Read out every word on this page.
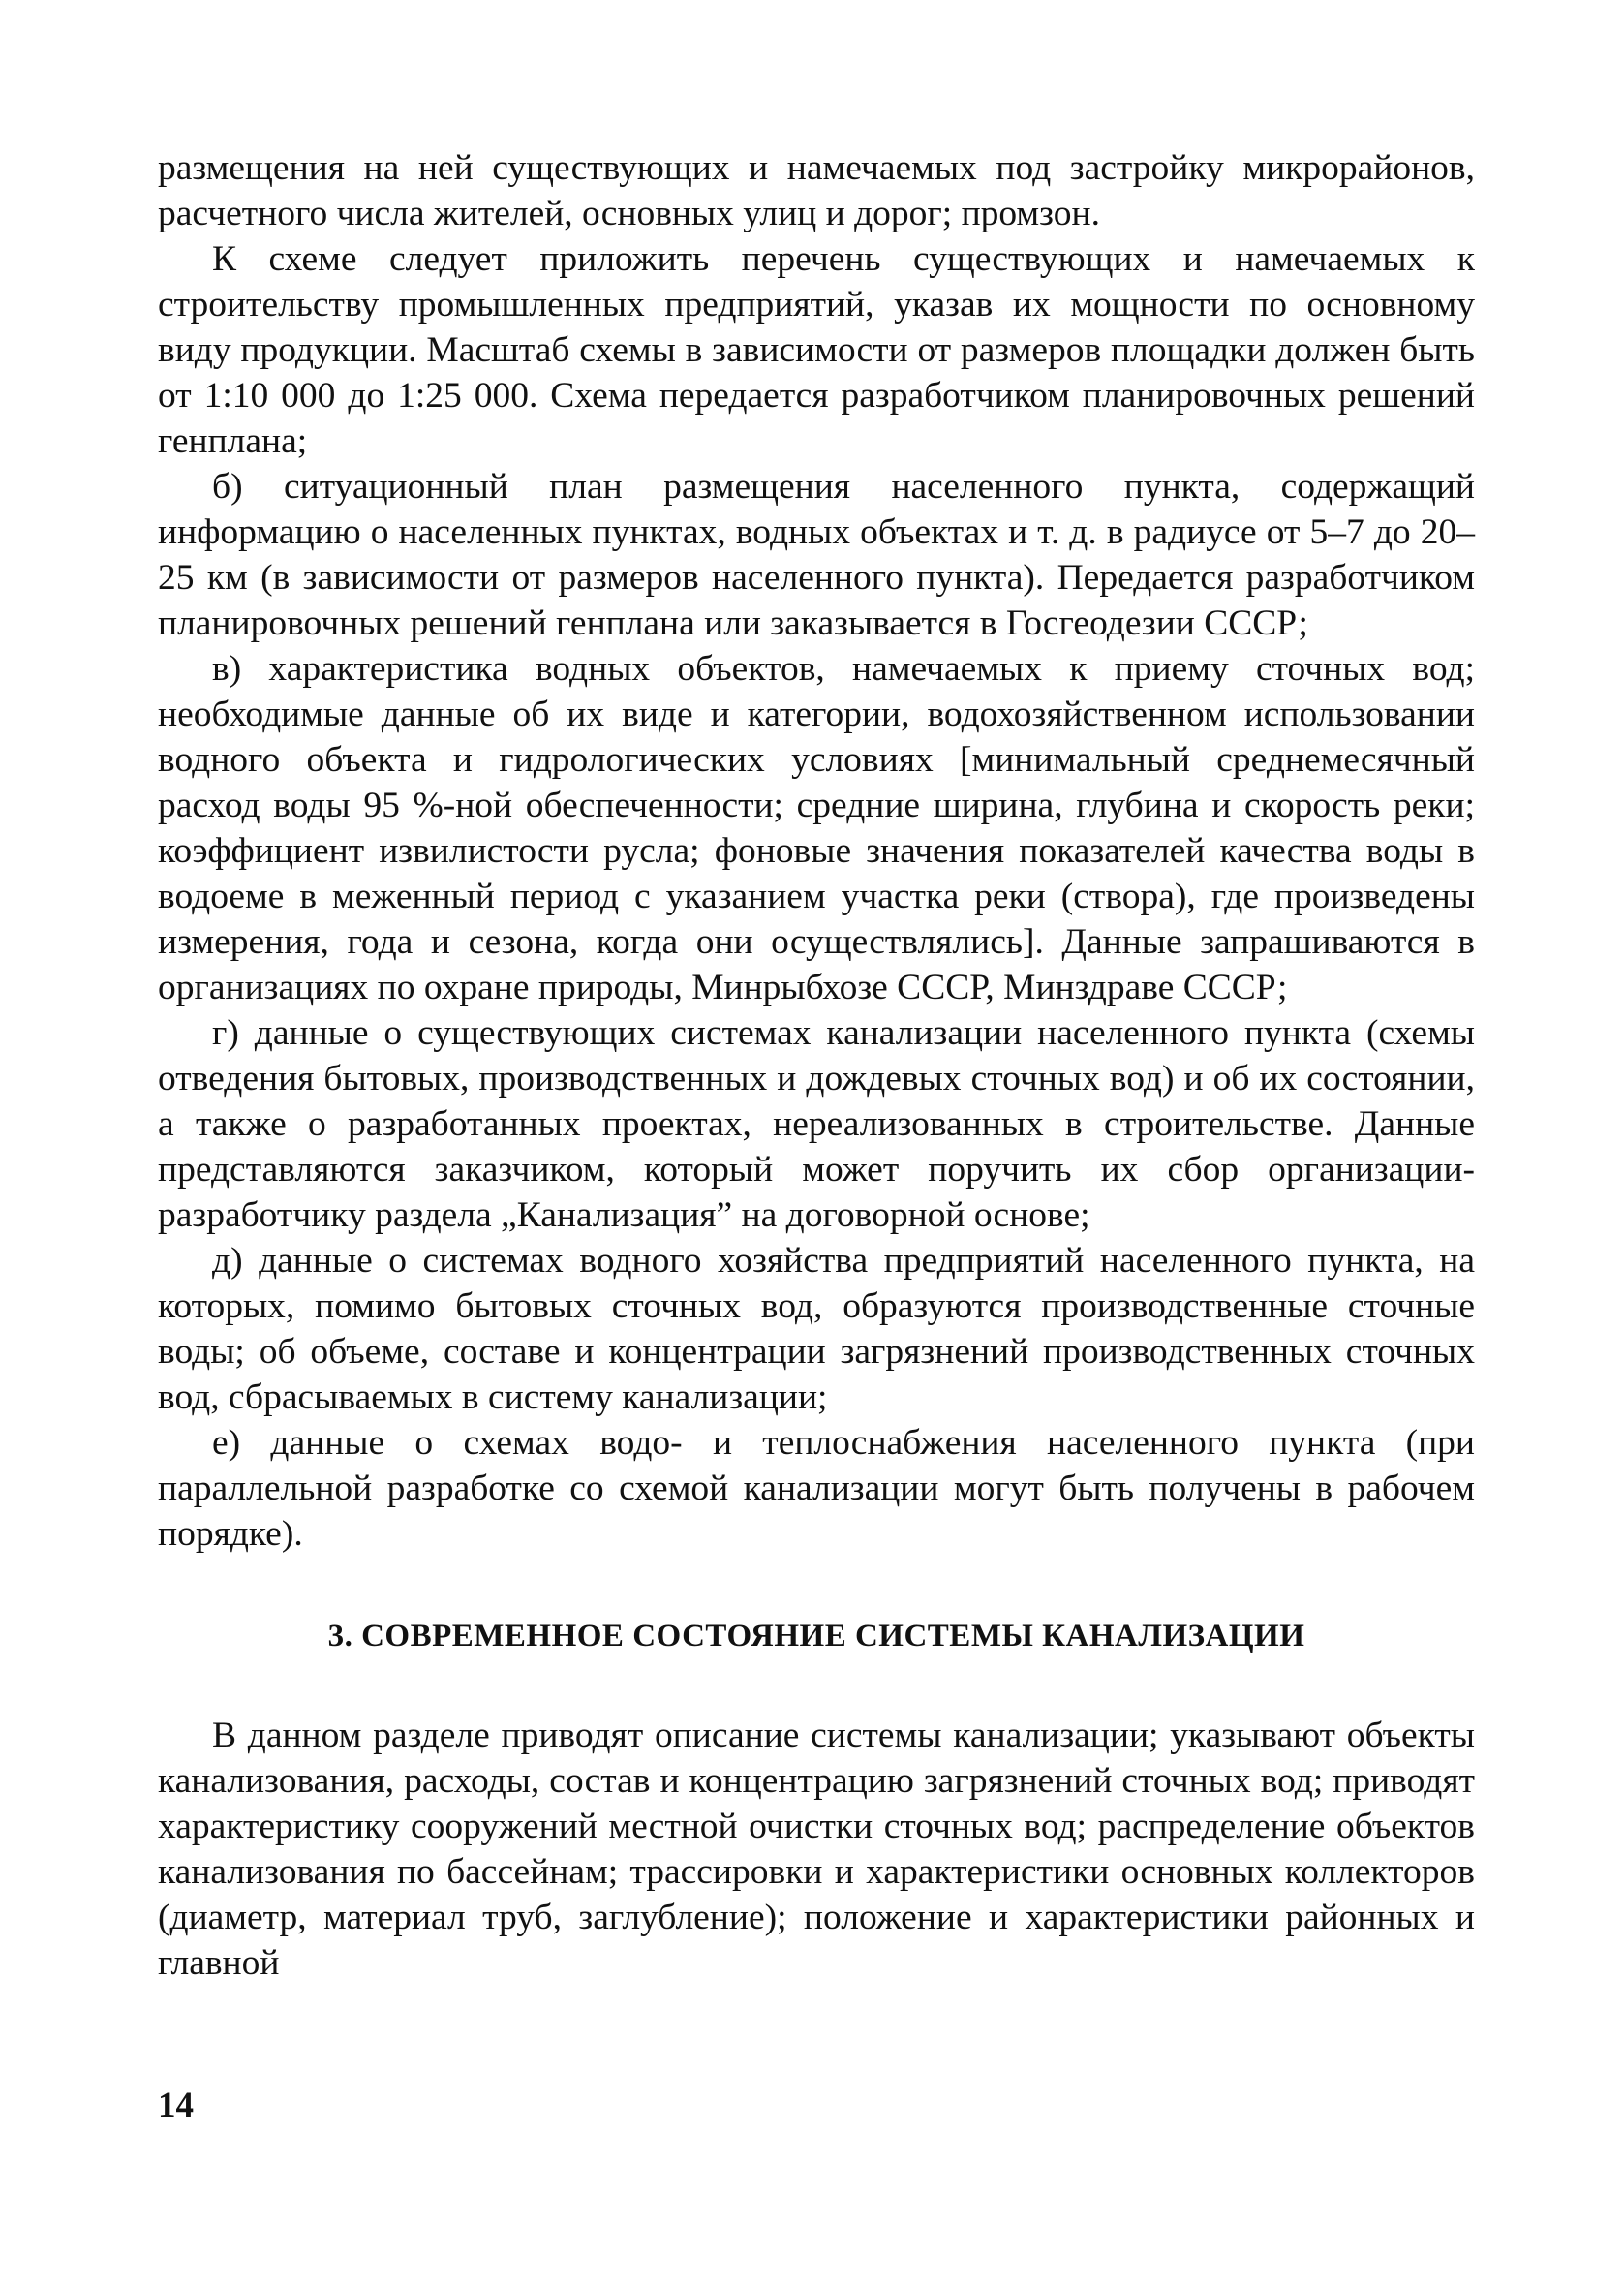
размещения на ней существующих и намечаемых под застройку микрорайонов, расчетного числа жителей, основных улиц и дорог; промзон.

К схеме следует приложить перечень существующих и намечаемых к строительству промышленных предприятий, указав их мощности по основному виду продукции. Масштаб схемы в зависимости от размеров площадки должен быть от 1:10 000 до 1:25 000. Схема передается разработчиком планировочных решений генплана;

б) ситуационный план размещения населенного пункта, содержащий информацию о населенных пунктах, водных объектах и т. д. в радиусе от 5–7 до 20–25 км (в зависимости от размеров населенного пункта). Передается разработчиком планировочных решений генплана или заказывается в Госгеодезии СССР;

в) характеристика водных объектов, намечаемых к приему сточных вод; необходимые данные об их виде и категории, водохозяйственном использовании водного объекта и гидрологических условиях [минимальный среднемесячный расход воды 95 %-ной обеспеченности; средние ширина, глубина и скорость реки; коэффициент извилистости русла; фоновые значения показателей качества воды в водоеме в меженный период с указанием участка реки (створа), где произведены измерения, года и сезона, когда они осуществлялись]. Данные запрашиваются в организациях по охране природы, Минрыбхозе СССР, Минздраве СССР;

г) данные о существующих системах канализации населенного пункта (схемы отведения бытовых, производственных и дождевых сточных вод) и об их состоянии, а также о разработанных проектах, нереализованных в строительстве. Данные представляются заказчиком, который может поручить их сбор организации-разработчику раздела „Канализация” на договорной основе;

д) данные о системах водного хозяйства предприятий населенного пункта, на которых, помимо бытовых сточных вод, образуются производственные сточные воды; об объеме, составе и концентрации загрязнений производственных сточных вод, сбрасываемых в систему канализации;

е) данные о схемах водо- и теплоснабжения населенного пункта (при параллельной разработке со схемой канализации могут быть получены в рабочем порядке).

3. СОВРЕМЕННОЕ СОСТОЯНИЕ СИСТЕМЫ КАНАЛИЗАЦИИ

В данном разделе приводят описание системы канализации; указывают объекты канализования, расходы, состав и концентрацию загрязнений сточных вод; приводят характеристику сооружений местной очистки сточных вод; распределение объектов канализования по бассейнам; трассировки и характеристики основных коллекторов (диаметр, материал труб, заглубление); положение и характеристики районных и главной

14
